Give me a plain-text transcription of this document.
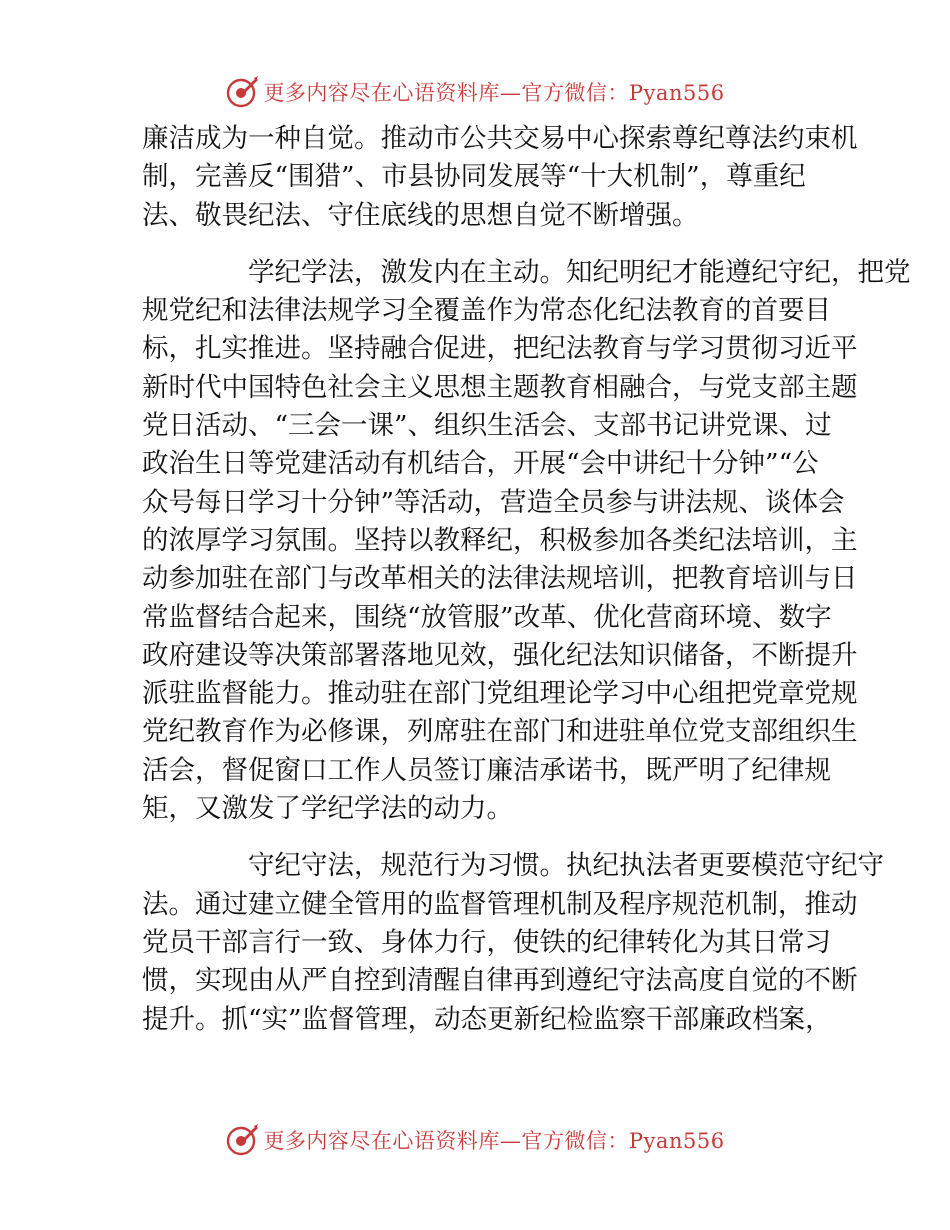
更多内容尽在心语资料库—官方微信：Pyan556

廉洁成为一种自觉。推动市公共交易中心探索尊纪尊法约束机
制，完善反“围猎”、市县协同发展等“十大机制”，尊重纪
法、敬畏纪法、守住底线的思想自觉不断增强。

学纪学法，激发内在主动。知纪明纪才能遵纪守纪，把党
规党纪和法律法规学习全覆盖作为常态化纪法教育的首要目
标，扎实推进。坚持融合促进，把纪法教育与学习贯彻习近平
新时代中国特色社会主义思想主题教育相融合，与党支部主题
党日活动、“三会一课”、组织生活会、支部书记讲党课、过
政治生日等党建活动有机结合，开展“会中讲纪十分钟”“公
众号每日学习十分钟”等活动，营造全员参与讲法规、谈体会
的浓厚学习氛围。坚持以教释纪，积极参加各类纪法培训，主
动参加驻在部门与改革相关的法律法规培训，把教育培训与日
常监督结合起来，围绕“放管服”改革、优化营商环境、数字
政府建设等决策部署落地见效，强化纪法知识储备，不断提升
派驻监督能力。推动驻在部门党组理论学习中心组把党章党规
党纪教育作为必修课，列席驻在部门和进驻单位党支部组织生
活会，督促窗口工作人员签订廉洁承诺书，既严明了纪律规
矩，又激发了学纪学法的动力。

守纪守法，规范行为习惯。执纪执法者更要模范守纪守
法。通过建立健全管用的监督管理机制及程序规范机制，推动
党员干部言行一致、身体力行，使铁的纪律转化为其日常习
惯，实现由从严自控到清醒自律再到遵纪守法高度自觉的不断
提升。抓“实”监督管理，动态更新纪检监察干部廉政档案，

更多内容尽在心语资料库—官方微信：Pyan556
